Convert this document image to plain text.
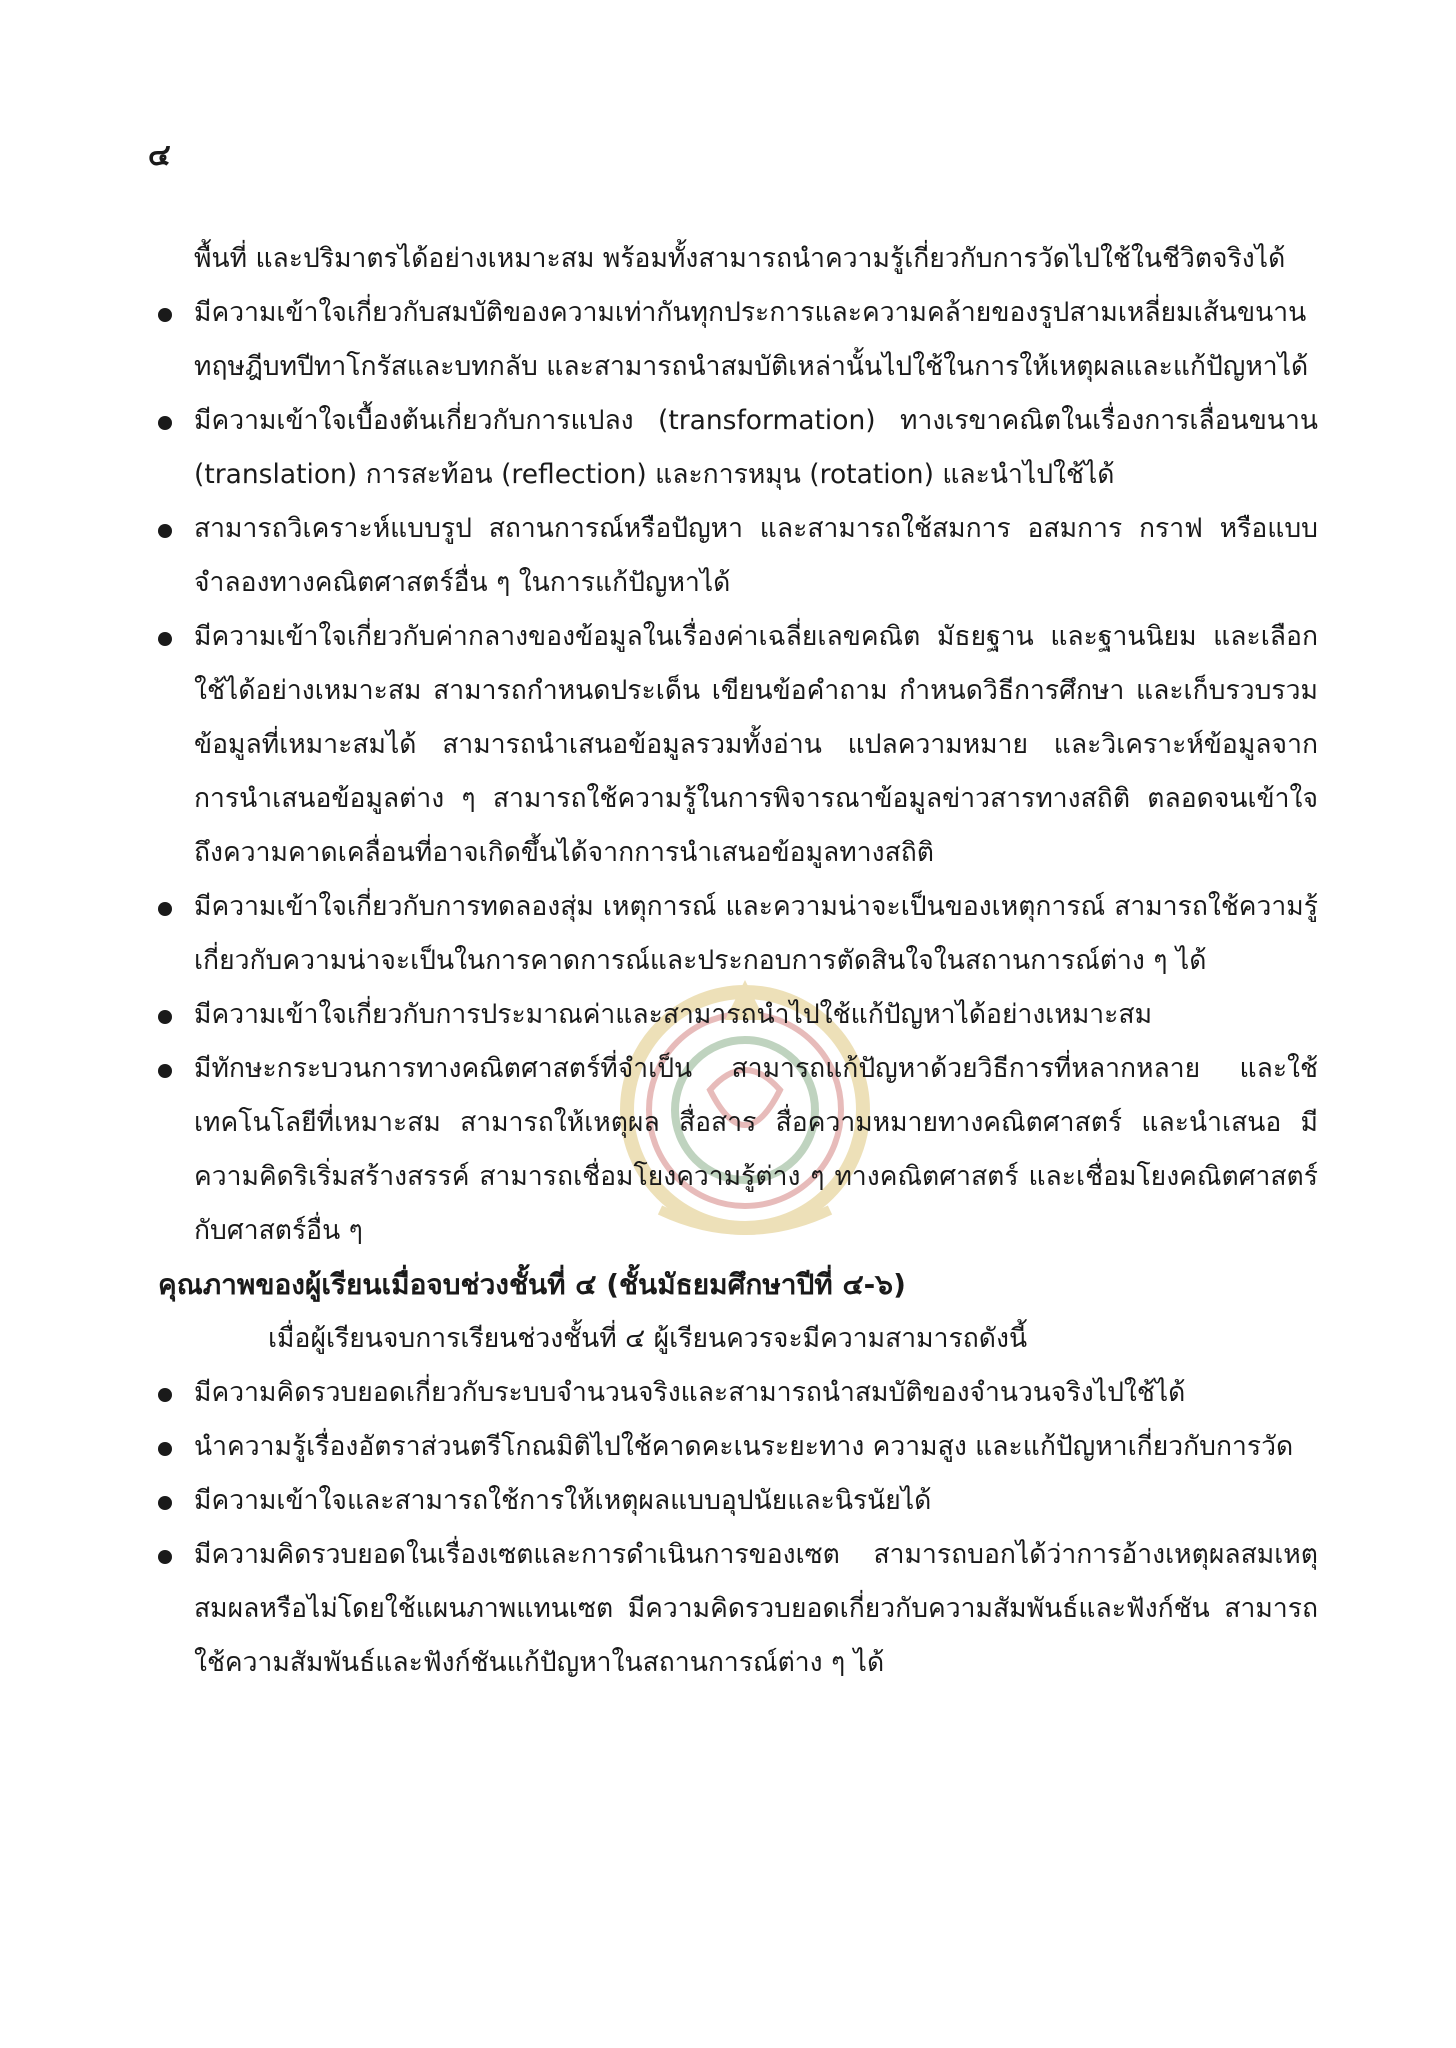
๔

พื้นที่ และปริมาตรได้อย่างเหมาะสม พร้อมทั้งสามารถนำความรู้เกี่ยวกับการวัดไปใช้ในชีวิตจริงได้

มีความเข้าใจเกี่ยวกับสมบัติของความเท่ากันทุกประการและความคล้ายของรูปสามเหลี่ยมเส้นขนาน ทฤษฎีบทปีทาโกรัสและบทกลับ และสามารถนำสมบัติเหล่านั้นไปใช้ในการให้เหตุผลและแก้ปัญหาได้
มีความเข้าใจเบื้องต้นเกี่ยวกับการแปลง (transformation) ทางเรขาคณิตในเรื่องการเลื่อนขนาน (translation) การสะท้อน (reflection) และการหมุน (rotation) และนำไปใช้ได้
สามารถวิเคราะห์แบบรูป สถานการณ์หรือปัญหา และสามารถใช้สมการ อสมการ กราฟ หรือแบบจำลองทางคณิตศาสตร์อื่น ๆ ในการแก้ปัญหาได้
มีความเข้าใจเกี่ยวกับค่ากลางของข้อมูลในเรื่องค่าเฉลี่ยเลขคณิต มัธยฐาน และฐานนิยม และเลือกใช้ได้อย่างเหมาะสม สามารถกำหนดประเด็น เขียนข้อคำถาม กำหนดวิธีการศึกษา และเก็บรวบรวมข้อมูลที่เหมาะสมได้ สามารถนำเสนอข้อมูลรวมทั้งอ่าน แปลความหมาย และวิเคราะห์ข้อมูลจากการนำเสนอข้อมูลต่าง ๆ สามารถใช้ความรู้ในการพิจารณาข้อมูลข่าวสารทางสถิติ ตลอดจนเข้าใจถึงความคาดเคลื่อนที่อาจเกิดขึ้นได้จากการนำเสนอข้อมูลทางสถิติ
มีความเข้าใจเกี่ยวกับการทดลองสุ่ม เหตุการณ์ และความน่าจะเป็นของเหตุการณ์ สามารถใช้ความรู้เกี่ยวกับความน่าจะเป็นในการคาดการณ์และประกอบการตัดสินใจในสถานการณ์ต่าง ๆ ได้
มีความเข้าใจเกี่ยวกับการประมาณค่าและสามารถนำไปใช้แก้ปัญหาได้อย่างเหมาะสม
มีทักษะกระบวนการทางคณิตศาสตร์ที่จำเป็น สามารถแก้ปัญหาด้วยวิธีการที่หลากหลาย และใช้เทคโนโลยีที่เหมาะสม สามารถให้เหตุผล สื่อสาร สื่อความหมายทางคณิตศาสตร์ และนำเสนอ มีความคิดริเริ่มสร้างสรรค์ สามารถเชื่อมโยงความรู้ต่าง ๆ ทางคณิตศาสตร์ และเชื่อมโยงคณิตศาสตร์กับศาสตร์อื่น ๆ

คุณภาพของผู้เรียนเมื่อจบช่วงชั้นที่ ๔ (ชั้นมัธยมศึกษาปีที่ ๔-๖)

เมื่อผู้เรียนจบการเรียนช่วงชั้นที่ ๔ ผู้เรียนควรจะมีความสามารถดังนี้

มีความคิดรวบยอดเกี่ยวกับระบบจำนวนจริงและสามารถนำสมบัติของจำนวนจริงไปใช้ได้
นำความรู้เรื่องอัตราส่วนตรีโกณมิติไปใช้คาดคะเนระยะทาง ความสูง และแก้ปัญหาเกี่ยวกับการวัด
มีความเข้าใจและสามารถใช้การให้เหตุผลแบบอุปนัยและนิรนัยได้
มีความคิดรวบยอดในเรื่องเซตและการดำเนินการของเซต สามารถบอกได้ว่าการอ้างเหตุผลสมเหตุสมผลหรือไม่โดยใช้แผนภาพแทนเซต มีความคิดรวบยอดเกี่ยวกับความสัมพันธ์และฟังก์ชัน สามารถใช้ความสัมพันธ์และฟังก์ชันแก้ปัญหาในสถานการณ์ต่าง ๆ ได้
